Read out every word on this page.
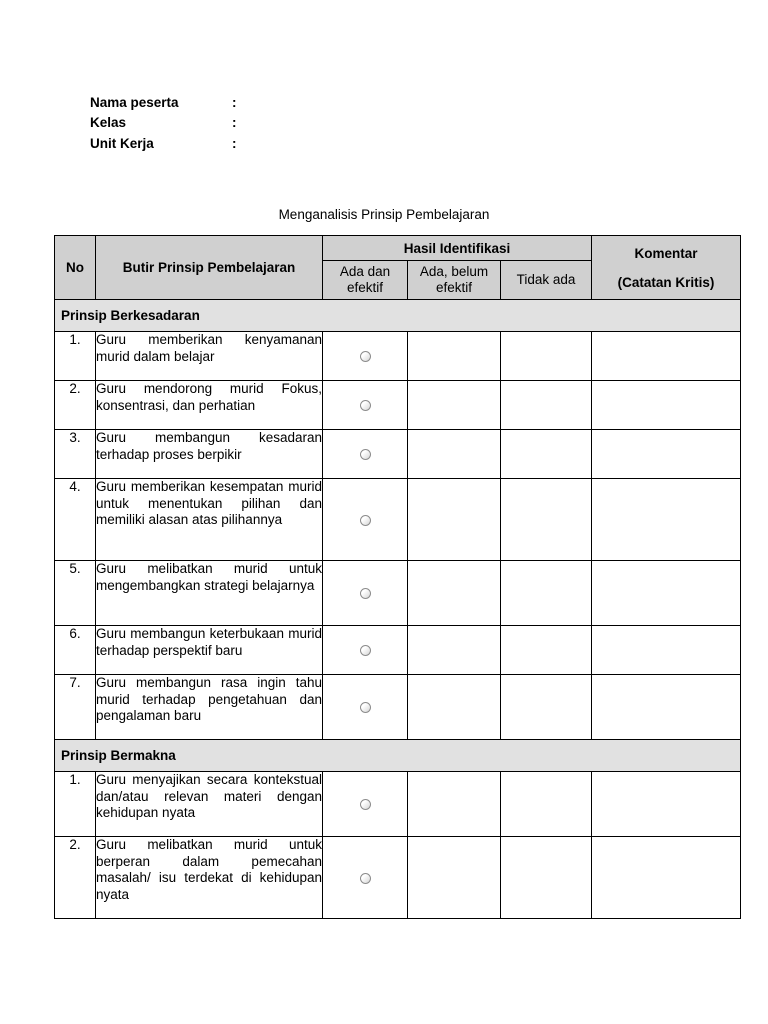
Nama peserta	:
Kelas	:
Unit Kerja	:
Menganalisis Prinsip Pembelajaran
No	Butir Prinsip Pembelajaran	Hasil Identifikasi			Komentar
(Catatan Kritis)

		Ada dan efektif	Ada, belum efektif	Tidak ada	
Prinsip Berkesadaran					
1.	Guru memberikan kenyamanan murid dalam belajar				
2.	Guru mendorong murid Fokus, konsentrasi, dan perhatian				
3.	Guru membangun kesadaran terhadap proses berpikir				
4.	Guru memberikan kesempatan murid untuk menentukan pilihan dan memiliki alasan atas pilihannya				
5.	Guru melibatkan murid untuk mengembangkan strategi belajarnya				
6.	Guru membangun keterbukaan murid terhadap perspektif baru				
7.	Guru membangun rasa ingin tahu murid terhadap pengetahuan dan pengalaman baru				
Prinsip Bermakna					
1.	Guru menyajikan secara kontekstual dan/atau relevan materi dengan kehidupan nyata				
2.	Guru melibatkan murid untuk berperan dalam pemecahan masalah/ isu terdekat di kehidupan nyata				
